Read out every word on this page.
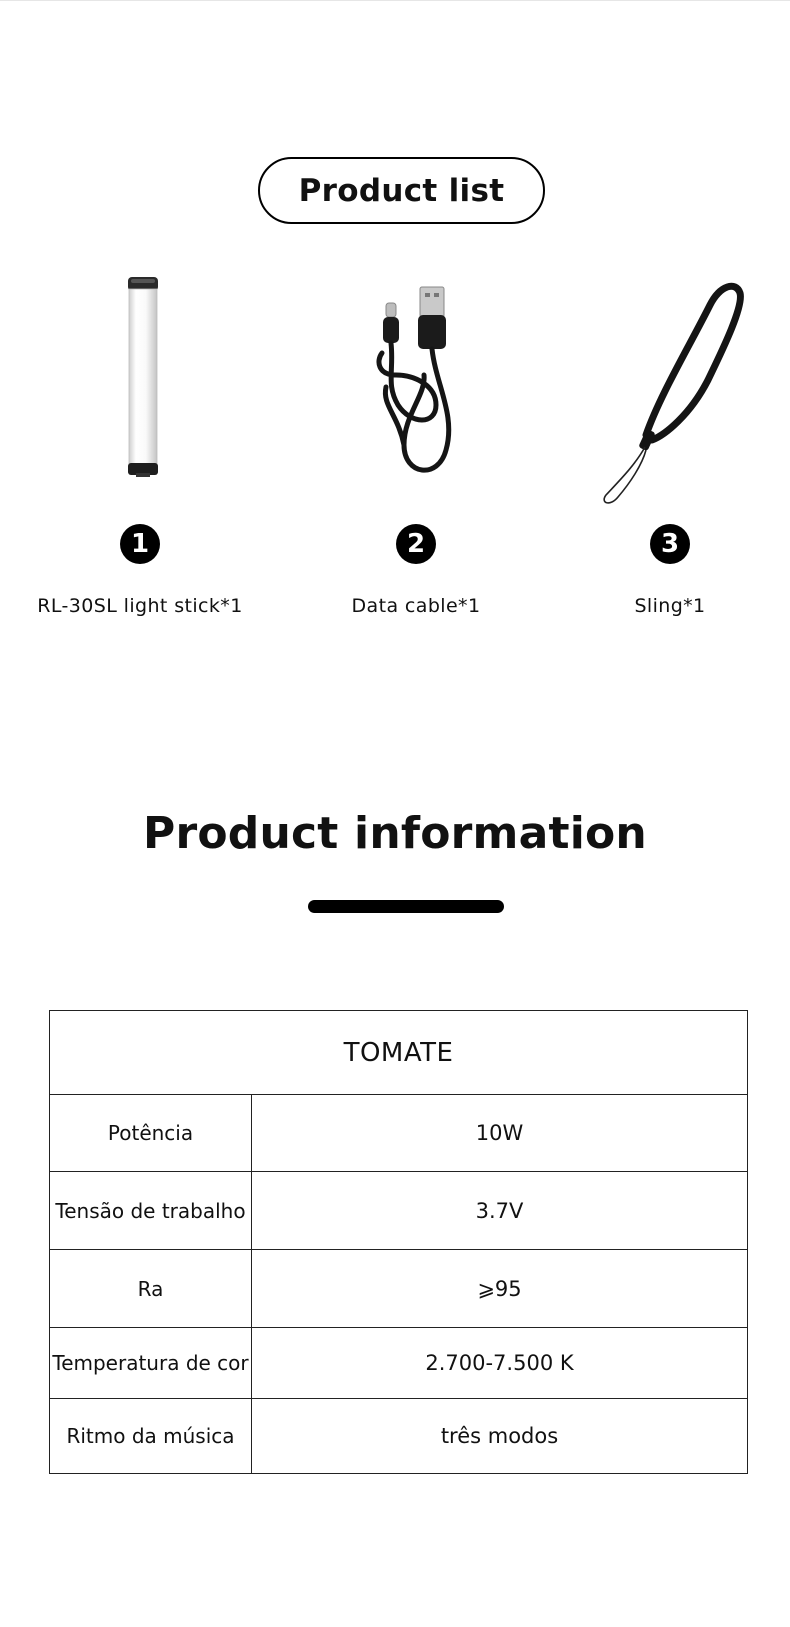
Product list
1
RL-30SL light stick*1
2
Data cable*1
3
Sling*1
Product information
TOMATE	
Potência	10W
Tensão de trabalho	3.7V
Ra	⩾95
Temperatura de cor	2.700-7.500 K
Ritmo da música	três modos
